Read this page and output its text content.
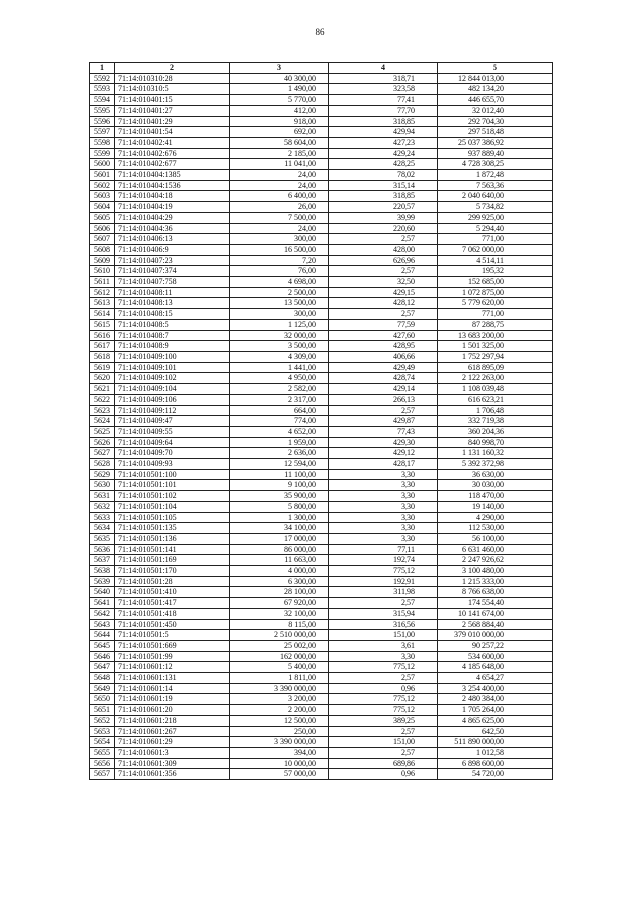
86
1	2	3	4	5
5592	71:14:010310:28	40 300,00	318,71	12 844 013,00
5593	71:14:010310:5	1 490,00	323,58	482 134,20
5594	71:14:010401:15	5 770,00	77,41	446 655,70
5595	71:14:010401:27	412,00	77,70	32 012,40
5596	71:14:010401:29	918,00	318,85	292 704,30
5597	71:14:010401:54	692,00	429,94	297 518,48
5598	71:14:010402:41	58 604,00	427,23	25 037 386,92
5599	71:14:010402:676	2 185,00	429,24	937 889,40
5600	71:14:010402:677	11 041,00	428,25	4 728 308,25
5601	71:14:010404:1385	24,00	78,02	1 872,48
5602	71:14:010404:1536	24,00	315,14	7 563,36
5603	71:14:010404:18	6 400,00	318,85	2 040 640,00
5604	71:14:010404:19	26,00	220,57	5 734,82
5605	71:14:010404:29	7 500,00	39,99	299 925,00
5606	71:14:010404:36	24,00	220,60	5 294,40
5607	71:14:010406:13	300,00	2,57	771,00
5608	71:14:010406:9	16 500,00	428,00	7 062 000,00
5609	71:14:010407:23	7,20	626,96	4 514,11
5610	71:14:010407:374	76,00	2,57	195,32
5611	71:14:010407:758	4 698,00	32,50	152 685,00
5612	71:14:010408:11	2 500,00	429,15	1 072 875,00
5613	71:14:010408:13	13 500,00	428,12	5 779 620,00
5614	71:14:010408:15	300,00	2,57	771,00
5615	71:14:010408:5	1 125,00	77,59	87 288,75
5616	71:14:010408:7	32 000,00	427,60	13 683 200,00
5617	71:14:010408:9	3 500,00	428,95	1 501 325,00
5618	71:14:010409:100	4 309,00	406,66	1 752 297,94
5619	71:14:010409:101	1 441,00	429,49	618 895,09
5620	71:14:010409:102	4 950,00	428,74	2 122 263,00
5621	71:14:010409:104	2 582,00	429,14	1 108 039,48
5622	71:14:010409:106	2 317,00	266,13	616 623,21
5623	71:14:010409:112	664,00	2,57	1 706,48
5624	71:14:010409:47	774,00	429,87	332 719,38
5625	71:14:010409:55	4 652,00	77,43	360 204,36
5626	71:14:010409:64	1 959,00	429,30	840 998,70
5627	71:14:010409:70	2 636,00	429,12	1 131 160,32
5628	71:14:010409:93	12 594,00	428,17	5 392 372,98
5629	71:14:010501:100	11 100,00	3,30	36 630,00
5630	71:14:010501:101	9 100,00	3,30	30 030,00
5631	71:14:010501:102	35 900,00	3,30	118 470,00
5632	71:14:010501:104	5 800,00	3,30	19 140,00
5633	71:14:010501:105	1 300,00	3,30	4 290,00
5634	71:14:010501:135	34 100,00	3,30	112 530,00
5635	71:14:010501:136	17 000,00	3,30	56 100,00
5636	71:14:010501:141	86 000,00	77,11	6 631 460,00
5637	71:14:010501:169	11 663,00	192,74	2 247 926,62
5638	71:14:010501:170	4 000,00	775,12	3 100 480,00
5639	71:14:010501:28	6 300,00	192,91	1 215 333,00
5640	71:14:010501:410	28 100,00	311,98	8 766 638,00
5641	71:14:010501:417	67 920,00	2,57	174 554,40
5642	71:14:010501:418	32 100,00	315,94	10 141 674,00
5643	71:14:010501:450	8 115,00	316,56	2 568 884,40
5644	71:14:010501:5	2 510 000,00	151,00	379 010 000,00
5645	71:14:010501:669	25 002,00	3,61	90 257,22
5646	71:14:010501:99	162 000,00	3,30	534 600,00
5647	71:14:010601:12	5 400,00	775,12	4 185 648,00
5648	71:14:010601:131	1 811,00	2,57	4 654,27
5649	71:14:010601:14	3 390 000,00	0,96	3 254 400,00
5650	71:14:010601:19	3 200,00	775,12	2 480 384,00
5651	71:14:010601:20	2 200,00	775,12	1 705 264,00
5652	71:14:010601:218	12 500,00	389,25	4 865 625,00
5653	71:14:010601:267	250,00	2,57	642,50
5654	71:14:010601:29	3 390 000,00	151,00	511 890 000,00
5655	71:14:010601:3	394,00	2,57	1 012,58
5656	71:14:010601:309	10 000,00	689,86	6 898 600,00
5657	71:14:010601:356	57 000,00	0,96	54 720,00
